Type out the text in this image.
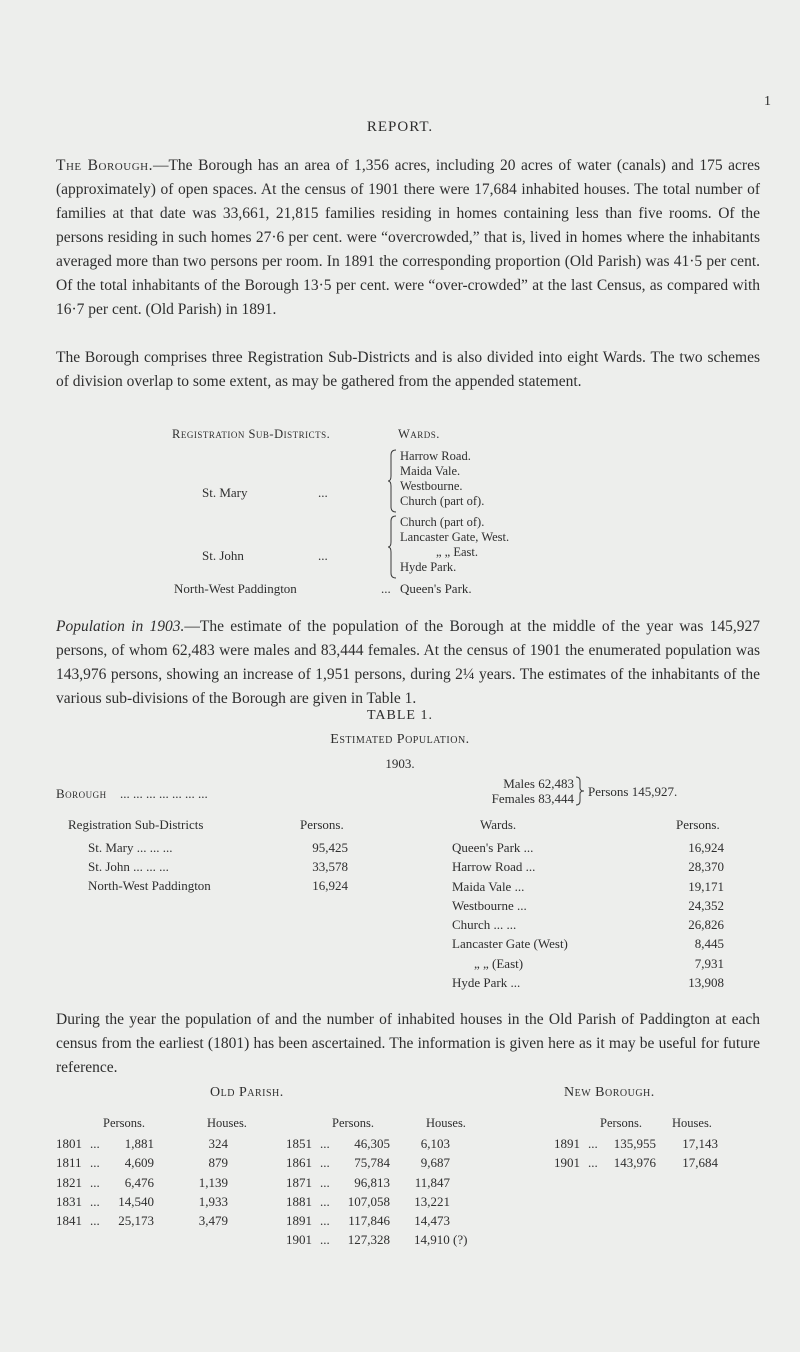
1
REPORT.
The Borough.—The Borough has an area of 1,356 acres, including 20 acres of water (canals) and 175 acres (approximately) of open spaces. At the census of 1901 there were 17,684 inhabited houses. The total number of families at that date was 33,661, 21,815 families residing in homes containing less than five rooms. Of the persons residing in such homes 27·6 per cent. were “overcrowded,” that is, lived in homes where the inhabitants averaged more than two persons per room. In 1891 the corresponding proportion (Old Parish) was 41·5 per cent. Of the total inhabitants of the Borough 13·5 per cent. were “over-crowded” at the last Census, as compared with 16·7 per cent. (Old Parish) in 1891.
The Borough comprises three Registration Sub-Districts and is also divided into eight Wards. The two schemes of division overlap to some extent, as may be gathered from the appended statement.
Registration Sub-Districts.	Wards.
St. Mary	...
Harrow Road.
Maida Vale.
Westbourne.
Church (part of).
St. John	...
Church (part of).
Lancaster Gate, West.
„ „ East.
Hyde Park.
North-West Paddington	... Queen's Park.
Population in 1903.—The estimate of the population of the Borough at the middle of the year was 145,927 persons, of whom 62,483 were males and 83,444 females. At the census of 1901 the enumerated population was 143,976 persons, showing an increase of 1,951 persons, during 2¼ years. The estimates of the inhabitants of the various sub-divisions of the Borough are given in Table 1.
TABLE 1.
Estimated Population.
1903.
Borough ... ... ... ... ... ... ...
Males 62,483
Females 83,444 Persons 145,927.
Registration Sub-Districts	Persons.
St. Mary ... ... ...	95,425
St. John ... ... ...	33,578
North-West Paddington	16,924
Wards.	Persons.
Queen's Park ...	16,924
Harrow Road ...	28,370
Maida Vale ...	19,171
Westbourne ...	24,352
Church ... ...	26,826
Lancaster Gate (West)	8,445
„ „ (East)	7,931
Hyde Park ...	13,908
During the year the population of and the number of inhabited houses in the Old Parish of Paddington at each census from the earliest (1801) has been ascertained. The information is given here as it may be useful for future reference.
Old Parish.	New Borough.
Persons.	Houses.	Persons.	Houses.	Persons. Houses.
1801 ...	1,881	324
1811 ...	4,609	879
1821 ...	6,476	1,139
1831 ...	14,540	1,933
1841 ...	25,173	3,479
1851 ...	46,305	6,103
1861 ...	75,784	9,687
1871 ...	96,813	11,847
1881 ...	107,058	13,221
1891 ...	117,846	14,473
1901 ...	127,328	14,910 (?)
1891 ...	135,955	17,143
1901 ...	143,976	17,684
